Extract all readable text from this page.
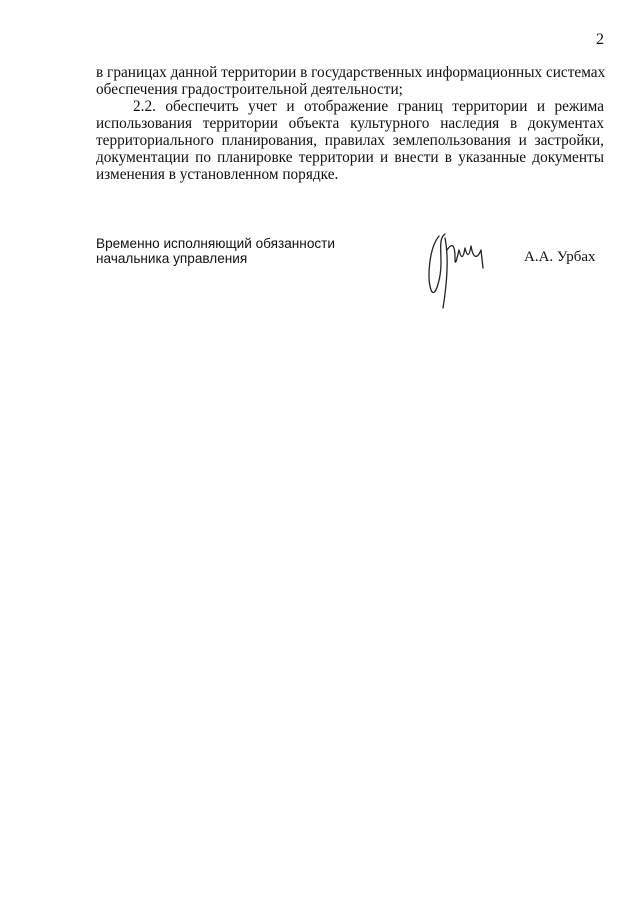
2
в границах данной территории в государственных информационных системах
обеспечения градостроительной деятельности;
2.2. обеспечить учет и отображение границ территории и режима
использования территории объекта культурного наследия в документах
территориального планирования, правилах землепользования и застройки,
документации по планировке территории и внести в указанные документы
изменения в установленном порядке.
Временно исполняющий обязанности
начальника управления	А.А. Урбах
